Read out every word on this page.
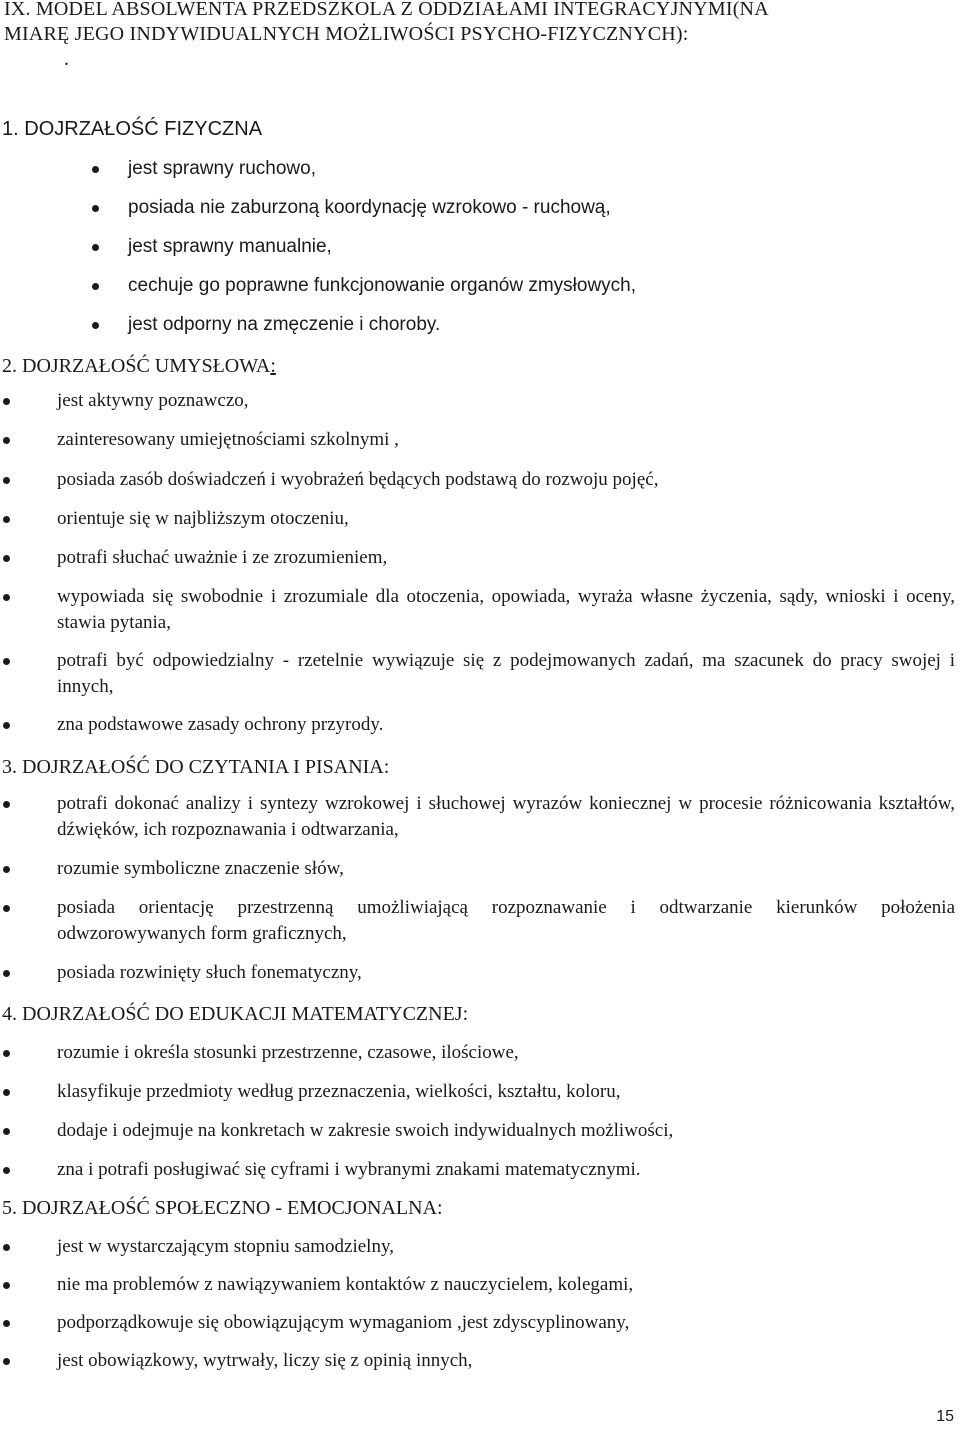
IX. MODEL ABSOLWENTA PRZEDSZKOLA Z ODDZIAŁAMI INTEGRACYJNYMI(NA
MIARĘ JEGO INDYWIDUALNYCH MOŻLIWOŚCI PSYCHO-FIZYCZNYCH):
.
1. DOJRZAŁOŚĆ FIZYCZNA
jest sprawny ruchowo,
posiada nie zaburzoną koordynację wzrokowo - ruchową,
jest sprawny manualnie,
cechuje go poprawne funkcjonowanie organów zmysłowych,
jest odporny na zmęczenie i choroby.
2. DOJRZAŁOŚĆ UMYSŁOWA:
jest aktywny poznawczo,
zainteresowany umiejętnościami szkolnymi ,
posiada zasób doświadczeń i wyobrażeń będących podstawą do rozwoju pojęć,
orientuje się w najbliższym otoczeniu,
potrafi słuchać uważnie i ze zrozumieniem,
wypowiada się swobodnie i zrozumiale dla otoczenia, opowiada, wyraża własne życzenia, sądy, wnioski i oceny, stawia pytania,
potrafi być odpowiedzialny - rzetelnie wywiązuje się z podejmowanych zadań, ma szacunek do pracy swojej i innych,
zna podstawowe zasady ochrony przyrody.
3. DOJRZAŁOŚĆ DO CZYTANIA I PISANIA:
potrafi dokonać analizy i syntezy wzrokowej i słuchowej wyrazów koniecznej w procesie różnicowania kształtów, dźwięków, ich rozpoznawania i odtwarzania,
rozumie symboliczne znaczenie słów,
posiada orientację przestrzenną umożliwiającą rozpoznawanie i odtwarzanie kierunków położenia odwzorowywanych form graficznych,
posiada rozwinięty słuch fonematyczny,
4. DOJRZAŁOŚĆ DO EDUKACJI MATEMATYCZNEJ:
rozumie i określa stosunki przestrzenne, czasowe, ilościowe,
klasyfikuje przedmioty według przeznaczenia, wielkości, kształtu, koloru,
dodaje i odejmuje na konkretach w zakresie swoich indywidualnych możliwości,
zna i potrafi posługiwać się cyframi i wybranymi znakami matematycznymi.
5. DOJRZAŁOŚĆ SPOŁECZNO - EMOCJONALNA:
jest w wystarczającym stopniu samodzielny,
nie ma problemów z nawiązywaniem kontaktów z nauczycielem, kolegami,
podporządkowuje się obowiązującym wymaganiom ,jest zdyscyplinowany,
jest obowiązkowy, wytrwały, liczy się z opinią innych,
15
